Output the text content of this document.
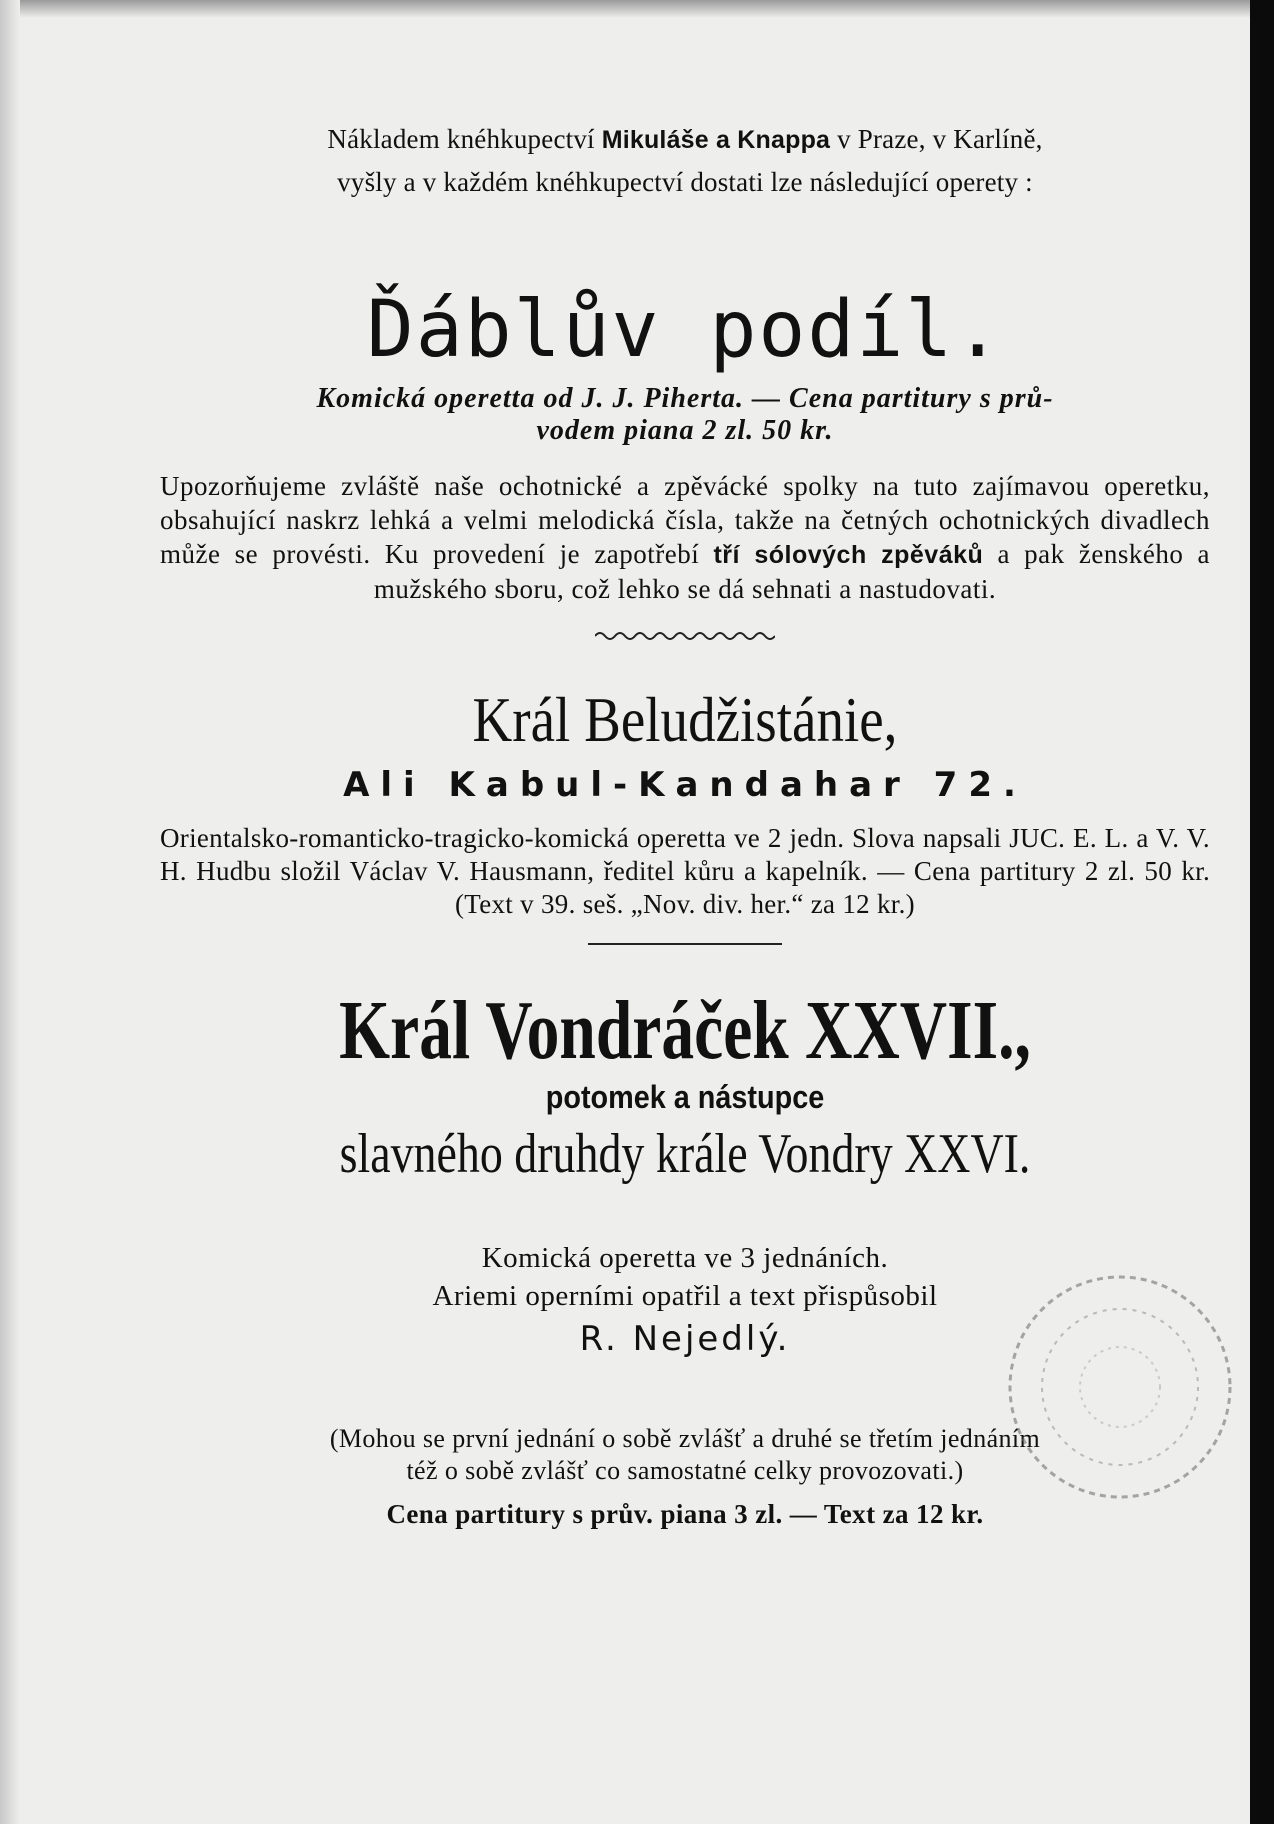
Nákladem knéhkupectví Mikuláše a Knappa v Praze, v Karlíně,
vyšly a v každém knéhkupectví dostati lze následující operety :
Ďáblův podíl.
Komická operetta od J. J. Piherta. — Cena partitury s prů-
vodem piana 2 zl. 50 kr.
Upozorňujeme zvláště naše ochotnické a zpěvácké spolky na tuto zajímavou operetku, obsahující naskrz lehká a velmi melodická čísla, takže na četných ochotnických divadlech může se provésti. Ku provedení je zapotřebí tří sólových zpěváků a pak ženského a mužského sboru, což lehko se dá sehnati a nastudovati.
Král Beludžistánie,
Ali Kabul-Kandahar 72.
Orientalsko-romanticko-tragicko-komická operetta ve 2 jedn. Slova napsali JUC. E. L. a V. V. H. Hudbu složil Václav V. Hausmann, ředitel kůru a kapelník. — Cena partitury 2 zl. 50 kr. (Text v 39. seš. „Nov. div. her.“ za 12 kr.)
Král Vondráček XXVII.,
potomek a nástupce
slavného druhdy krále Vondry XXVI.
Komická operetta ve 3 jednáních.
Ariemi operními opatřil a text přispůsobil
R. Nejedlý.
(Mohou se první jednání o sobě zvlášť a druhé se třetím jednáním
též o sobě zvlášť co samostatné celky provozovati.)
Cena partitury s prův. piana 3 zl. — Text za 12 kr.
